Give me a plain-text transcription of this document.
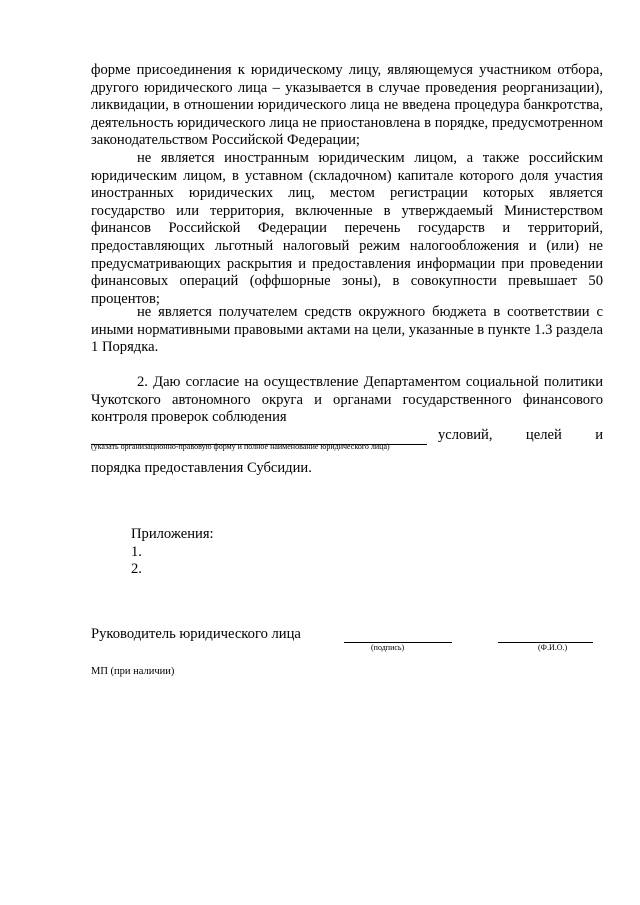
форме присоединения к юридическому лицу, являющемуся участником отбора, другого юридического лица – указывается в случае проведения реорганизации), ликвидации, в отношении юридического лица не введена процедура банкротства, деятельность юридического лица не приостановлена в порядке, предусмотренном законодательством Российской Федерации;

не является иностранным юридическим лицом, а также российским юридическим лицом, в уставном (складочном) капитале которого доля участия иностранных юридических лиц, местом регистрации которых является государство или территория, включенные в утверждаемый Министерством финансов Российской Федерации перечень государств и территорий, предоставляющих льготный налоговый режим налогообложения и (или) не предусматривающих раскрытия и предоставления информации при проведении финансовых операций (оффшорные зоны), в совокупности превышает 50 процентов;

не является получателем средств окружного бюджета в соответствии с иными нормативными правовыми актами на цели, указанные в пункте 1.3 раздела 1 Порядка.

2. Даю согласие на осуществление Департаментом социальной политики Чукотского автономного округа и органами государственного финансового контроля проверок соблюдения

условий, целей и
(указать организационно-правовую форму и полное наименование юридического лица)
порядка предоставления Субсидии.
Приложения:
1.
2.
Руководитель юридического лица
(подпись)	(Ф.И.О.)
МП (при наличии)
